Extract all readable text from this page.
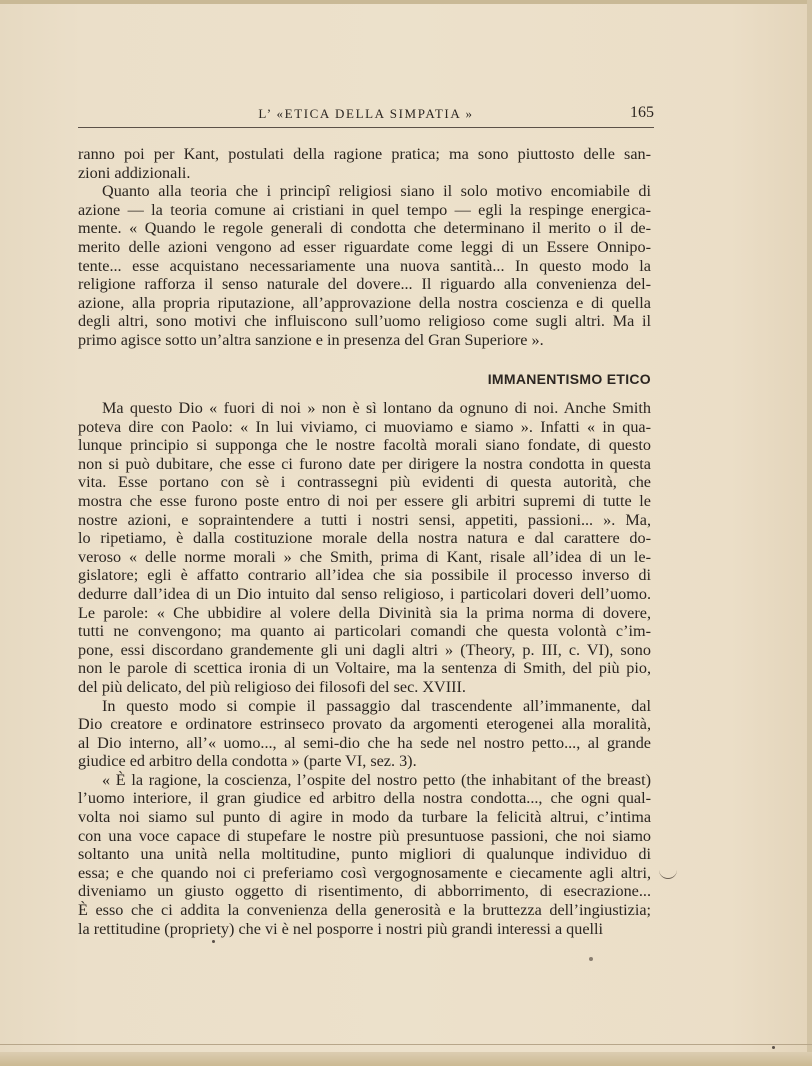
L’ «ETICA DELLA SIMPATIA »	165
ranno poi per Kant, postulati della ragione pratica; ma sono piuttosto delle san-
zioni addizionali.
Quanto alla teoria che i principî religiosi siano il solo motivo encomiabile di
azione — la teoria comune ai cristiani in quel tempo — egli la respinge energica-
mente. « Quando le regole generali di condotta che determinano il merito o il de-
merito delle azioni vengono ad esser riguardate come leggi di un Essere Onnipo-
tente... esse acquistano necessariamente una nuova santità... In questo modo la
religione rafforza il senso naturale del dovere... Il riguardo alla convenienza del-
azione, alla propria riputazione, all’approvazione della nostra coscienza e di quella
degli altri, sono motivi che influiscono sull’uomo religioso come sugli altri. Ma il
primo agisce sotto un’altra sanzione e in presenza del Gran Superiore ».
IMMANENTISMO ETICO
Ma questo Dio « fuori di noi » non è sì lontano da ognuno di noi. Anche Smith
poteva dire con Paolo: « In lui viviamo, ci muoviamo e siamo ». Infatti « in qua-
lunque principio si supponga che le nostre facoltà morali siano fondate, di questo
non si può dubitare, che esse ci furono date per dirigere la nostra condotta in questa
vita. Esse portano con sè i contrassegni più evidenti di questa autorità, che
mostra che esse furono poste entro di noi per essere gli arbitri supremi di tutte le
nostre azioni, e sopraintendere a tutti i nostri sensi, appetiti, passioni... ». Ma,
lo ripetiamo, è dalla costituzione morale della nostra natura e dal carattere do-
veroso « delle norme morali » che Smith, prima di Kant, risale all’idea di un le-
gislatore; egli è affatto contrario all’idea che sia possibile il processo inverso di
dedurre dall’idea di un Dio intuito dal senso religioso, i particolari doveri dell’uomo.
Le parole: « Che ubbidire al volere della Divinità sia la prima norma di dovere,
tutti ne convengono; ma quanto ai particolari comandi che questa volontà c’im-
pone, essi discordano grandemente gli uni dagli altri » (Theory, p. III, c. VI), sono
non le parole di scettica ironia di un Voltaire, ma la sentenza di Smith, del più pio,
del più delicato, del più religioso dei filosofi del sec. XVIII.
In questo modo si compie il passaggio dal trascendente all’immanente, dal
Dio creatore e ordinatore estrinseco provato da argomenti eterogenei alla moralità,
al Dio interno, all’« uomo..., al semi-dio che ha sede nel nostro petto..., al grande
giudice ed arbitro della condotta » (parte VI, sez. 3).
« È la ragione, la coscienza, l’ospite del nostro petto (the inhabitant of the breast)
l’uomo interiore, il gran giudice ed arbitro della nostra condotta..., che ogni qual-
volta noi siamo sul punto di agire in modo da turbare la felicità altrui, c’intima
con una voce capace di stupefare le nostre più presuntuose passioni, che noi siamo
soltanto una unità nella moltitudine, punto migliori di qualunque individuo di
essa; e che quando noi ci preferiamo così vergognosamente e ciecamente agli altri,
diveniamo un giusto oggetto di risentimento, di abborrimento, di esecrazione...
È esso che ci addita la convenienza della generosità e la bruttezza dell’ingiustizia;
la rettitudine (propriety) che vi è nel posporre i nostri più grandi interessi a quelli
